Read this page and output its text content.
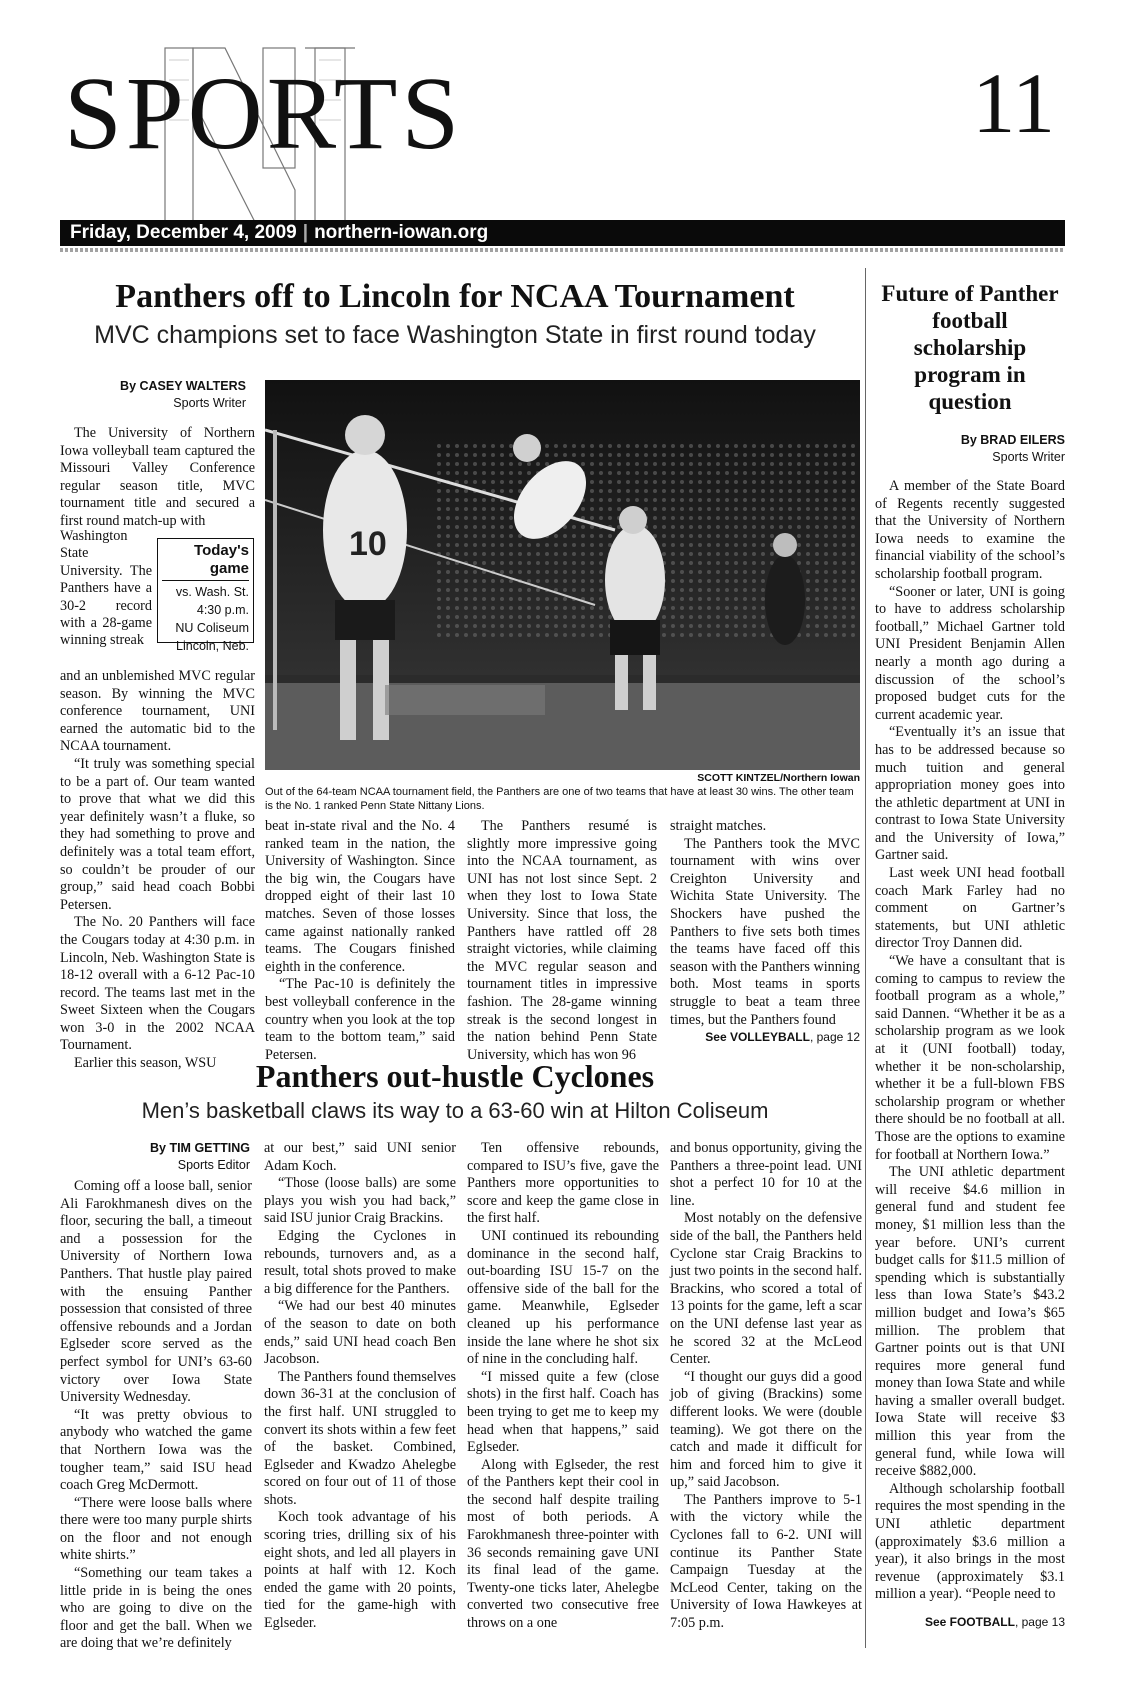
SPORTS	11
Friday, December 4, 2009 | northern-iowan.org
Panthers off to Lincoln for NCAA Tournament
MVC champions set to face Washington State in first round today
By CASEY WALTERS
Sports Writer
10
SCOTT KINTZEL/Northern Iowan
Out of the 64-team NCAA tournament field, the Panthers are one of two teams that have at least 30 wins. The other team is the No. 1 ranked Penn State Nittany Lions.

The University of Northern Iowa volleyball team captured the Missouri Valley Conference regular season title, MVC tournament title and secured a first round match-up with

Washington State University. The Panthers have a 30-2 record with a 28-game winning streak

and an unblemished MVC regular season. By winning the MVC conference tournament, UNI earned the automatic bid to the NCAA tournament.

“It truly was something special to be a part of. Our team wanted to prove that what we did this year definitely wasn’t a fluke, so they had something to prove and definitely was a total team effort, so couldn’t be prouder of our group,” said head coach Bobbi Petersen.

The No. 20 Panthers will face the Cougars today at 4:30 p.m. in Lincoln, Neb. Washington State is 18-12 overall with a 6-12 Pac-10 record. The teams last met in the Sweet Sixteen when the Cougars won 3-0 in the 2002 NCAA Tournament.

Earlier this season, WSU

Today's
game
vs. Wash. St.
4:30 p.m.
NU Coliseum
Lincoln, Neb.

beat in-state rival and the No. 4 ranked team in the nation, the University of Washington. Since the big win, the Cougars have dropped eight of their last 10 matches. Seven of those losses came against nationally ranked teams. The Cougars finished eighth in the conference.

“The Pac-10 is definitely the best volleyball conference in the country when you look at the top team to the bottom team,” said Petersen.

The Panthers resumé is slightly more impressive going into the NCAA tournament, as UNI has not lost since Sept. 2 when they lost to Iowa State University. Since that loss, the Panthers have rattled off 28 straight victories, while claiming the MVC regular season and tournament titles in impressive fashion. The 28-game winning streak is the second longest in the nation behind Penn State University, which has won 96

straight matches.

The Panthers took the MVC tournament with wins over Creighton University and Wichita State University. The Shockers have pushed the Panthers to five sets both times the teams have faced off this season with the Panthers winning both. Most teams in sports struggle to beat a team three times, but the Panthers found

See VOLLEYBALL, page 12
Panthers out-hustle Cyclones
Men’s basketball claws its way to a 63-60 win at Hilton Coliseum
By TIM GETTING
Sports Editor

Coming off a loose ball, senior Ali Farokhmanesh dives on the floor, securing the ball, a timeout and a possession for the University of Northern Iowa Panthers. That hustle play paired with the ensuing Panther possession that consisted of three offensive rebounds and a Jordan Eglseder score served as the perfect symbol for UNI’s 63-60 victory over Iowa State University Wednesday.

“It was pretty obvious to anybody who watched the game that Northern Iowa was the tougher team,” said ISU head coach Greg McDermott.

“There were loose balls where there were too many purple shirts on the floor and not enough white shirts.”

“Something our team takes a little pride in is being the ones who are going to dive on the floor and get the ball. When we are doing that we’re definitely

at our best,” said UNI senior Adam Koch.

“Those (loose balls) are some plays you wish you had back,” said ISU junior Craig Brackins.

Edging the Cyclones in rebounds, turnovers and, as a result, total shots proved to make a big difference for the Panthers.

“We had our best 40 minutes of the season to date on both ends,” said UNI head coach Ben Jacobson.

The Panthers found themselves down 36-31 at the conclusion of the first half. UNI struggled to convert its shots within a few feet of the basket. Combined, Eglseder and Kwadzo Ahelegbe scored on four out of 11 of those shots.

Koch took advantage of his scoring tries, drilling six of his eight shots, and led all players in points at half with 12. Koch ended the game with 20 points, tied for the game-high with Eglseder.

Ten offensive rebounds, compared to ISU’s five, gave the Panthers more opportunities to score and keep the game close in the first half.

UNI continued its rebounding dominance in the second half, out-boarding ISU 15-7 on the offensive side of the ball for the game. Meanwhile, Eglseder cleaned up his performance inside the lane where he shot six of nine in the concluding half.

“I missed quite a few (close shots) in the first half. Coach has been trying to get me to keep my head when that happens,” said Eglseder.

Along with Eglseder, the rest of the Panthers kept their cool in the second half despite trailing most of both periods. A Farokhmanesh three-pointer with 36 seconds remaining gave UNI its final lead of the game. Twenty-one ticks later, Ahelegbe converted two consecutive free throws on a one

and bonus opportunity, giving the Panthers a three-point lead. UNI shot a perfect 10 for 10 at the line.

Most notably on the defensive side of the ball, the Panthers held Cyclone star Craig Brackins to just two points in the second half. Brackins, who scored a total of 13 points for the game, left a scar on the UNI defense last year as he scored 32 at the McLeod Center.

“I thought our guys did a good job of giving (Brackins) some different looks. We were (double teaming). We got there on the catch and made it difficult for him and forced him to give it up,” said Jacobson.

The Panthers improve to 5-1 with the victory while the Cyclones fall to 6-2. UNI will continue its Panther State Campaign Tuesday at the McLeod Center, taking on the University of Iowa Hawkeyes at 7:05 p.m.

Future of Panther football scholarship program in question
By BRAD EILERS
Sports Writer

A member of the State Board of Regents recently suggested that the University of Northern Iowa needs to examine the financial viability of the school’s scholarship football program.

“Sooner or later, UNI is going to have to address scholarship football,” Michael Gartner told UNI President Benjamin Allen nearly a month ago during a discussion of the school’s proposed budget cuts for the current academic year.

“Eventually it’s an issue that has to be addressed because so much tuition and general appropriation money goes into the athletic department at UNI in contrast to Iowa State University and the University of Iowa,” Gartner said.

Last week UNI head football coach Mark Farley had no comment on Gartner’s statements, but UNI athletic director Troy Dannen did.

“We have a consultant that is coming to campus to review the football program as a whole,” said Dannen. “Whether it be as a scholarship program as we look at it (UNI football) today, whether it be non-scholarship, whether it be a full-blown FBS scholarship program or whether there should be no football at all. Those are the options to examine for football at Northern Iowa.”

The UNI athletic department will receive $4.6 million in general fund and student fee money, $1 million less than the year before. UNI’s current budget calls for $11.5 million of spending which is substantially less than Iowa State’s $43.2 million budget and Iowa’s $65 million. The problem that Gartner points out is that UNI requires more general fund money than Iowa State and while having a smaller overall budget. Iowa State will receive $3 million this year from the general fund, while Iowa will receive $882,000.

Although scholarship football requires the most spending in the UNI athletic department (approximately $3.6 million a year), it also brings in the most revenue (approximately $3.1 million a year). “People need to

See FOOTBALL, page 13
